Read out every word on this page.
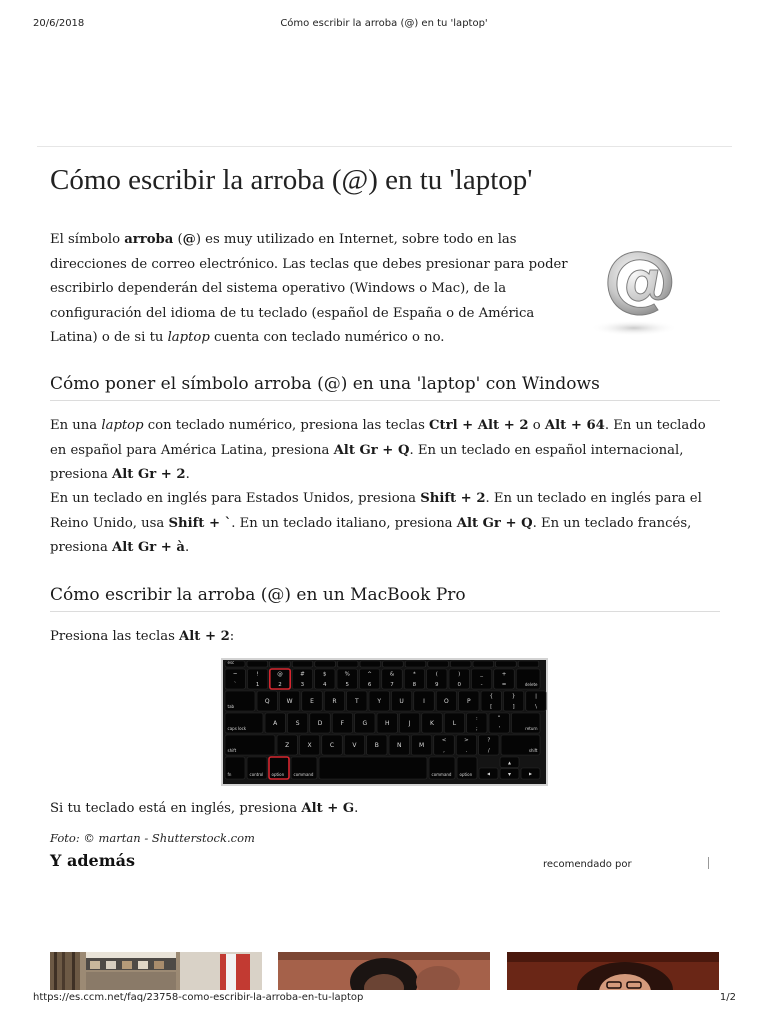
20/6/2018	Cómo escribir la arroba (@) en tu 'laptop'
Cómo escribir la arroba (@) en tu 'laptop'

El símbolo arroba (@) es muy utilizado en Internet, sobre todo en las direcciones de correo electrónico. Las teclas que debes presionar para poder escribirlo dependerán del sistema operativo (Windows o Mac), de la configuración del idioma de tu teclado (español de España o de América Latina) o de si tu laptop cuenta con teclado numérico o no.

Cómo poner el símbolo arroba (@) en una 'laptop' con Windows

En una laptop con teclado numérico, presiona las teclas Ctrl + Alt + 2 o Alt + 64. En un teclado en español para América Latina, presiona Alt Gr + Q. En un teclado en español internacional, presiona Alt Gr + 2.

En un teclado en inglés para Estados Unidos, presiona Shift + 2. En un teclado en inglés para el Reino Unido, usa Shift + `. En un teclado italiano, presiona Alt Gr + Q. En un teclado francés, presiona Alt Gr + à.

Cómo escribir la arroba (@) en un MacBook Pro

Presiona las teclas Alt + 2:

esc
~
`
!
1
@
2
#
3
$
4
%
5
^
6
&
7
*
8
(
9
)
0
_
-
+
=	delete
tab
Q	W	E	R	T	Y	U	I	O	P
{
[
}
]
|
\
caps lock
A	S	D	F	G	H	J	K	L
:
;
"
'	return
shift
Z	X	C	V	B	N	M
<
,
>
.
?
/	shift
fn	control option command	command option ◂
▴
▾	▸

Si tu teclado está en inglés, presiona Alt + G.

Foto: © martan - Shutterstock.com

Y además	recomendado por
https://es.ccm.net/faq/23758-como-escribir-la-arroba-en-tu-laptop	1/2
